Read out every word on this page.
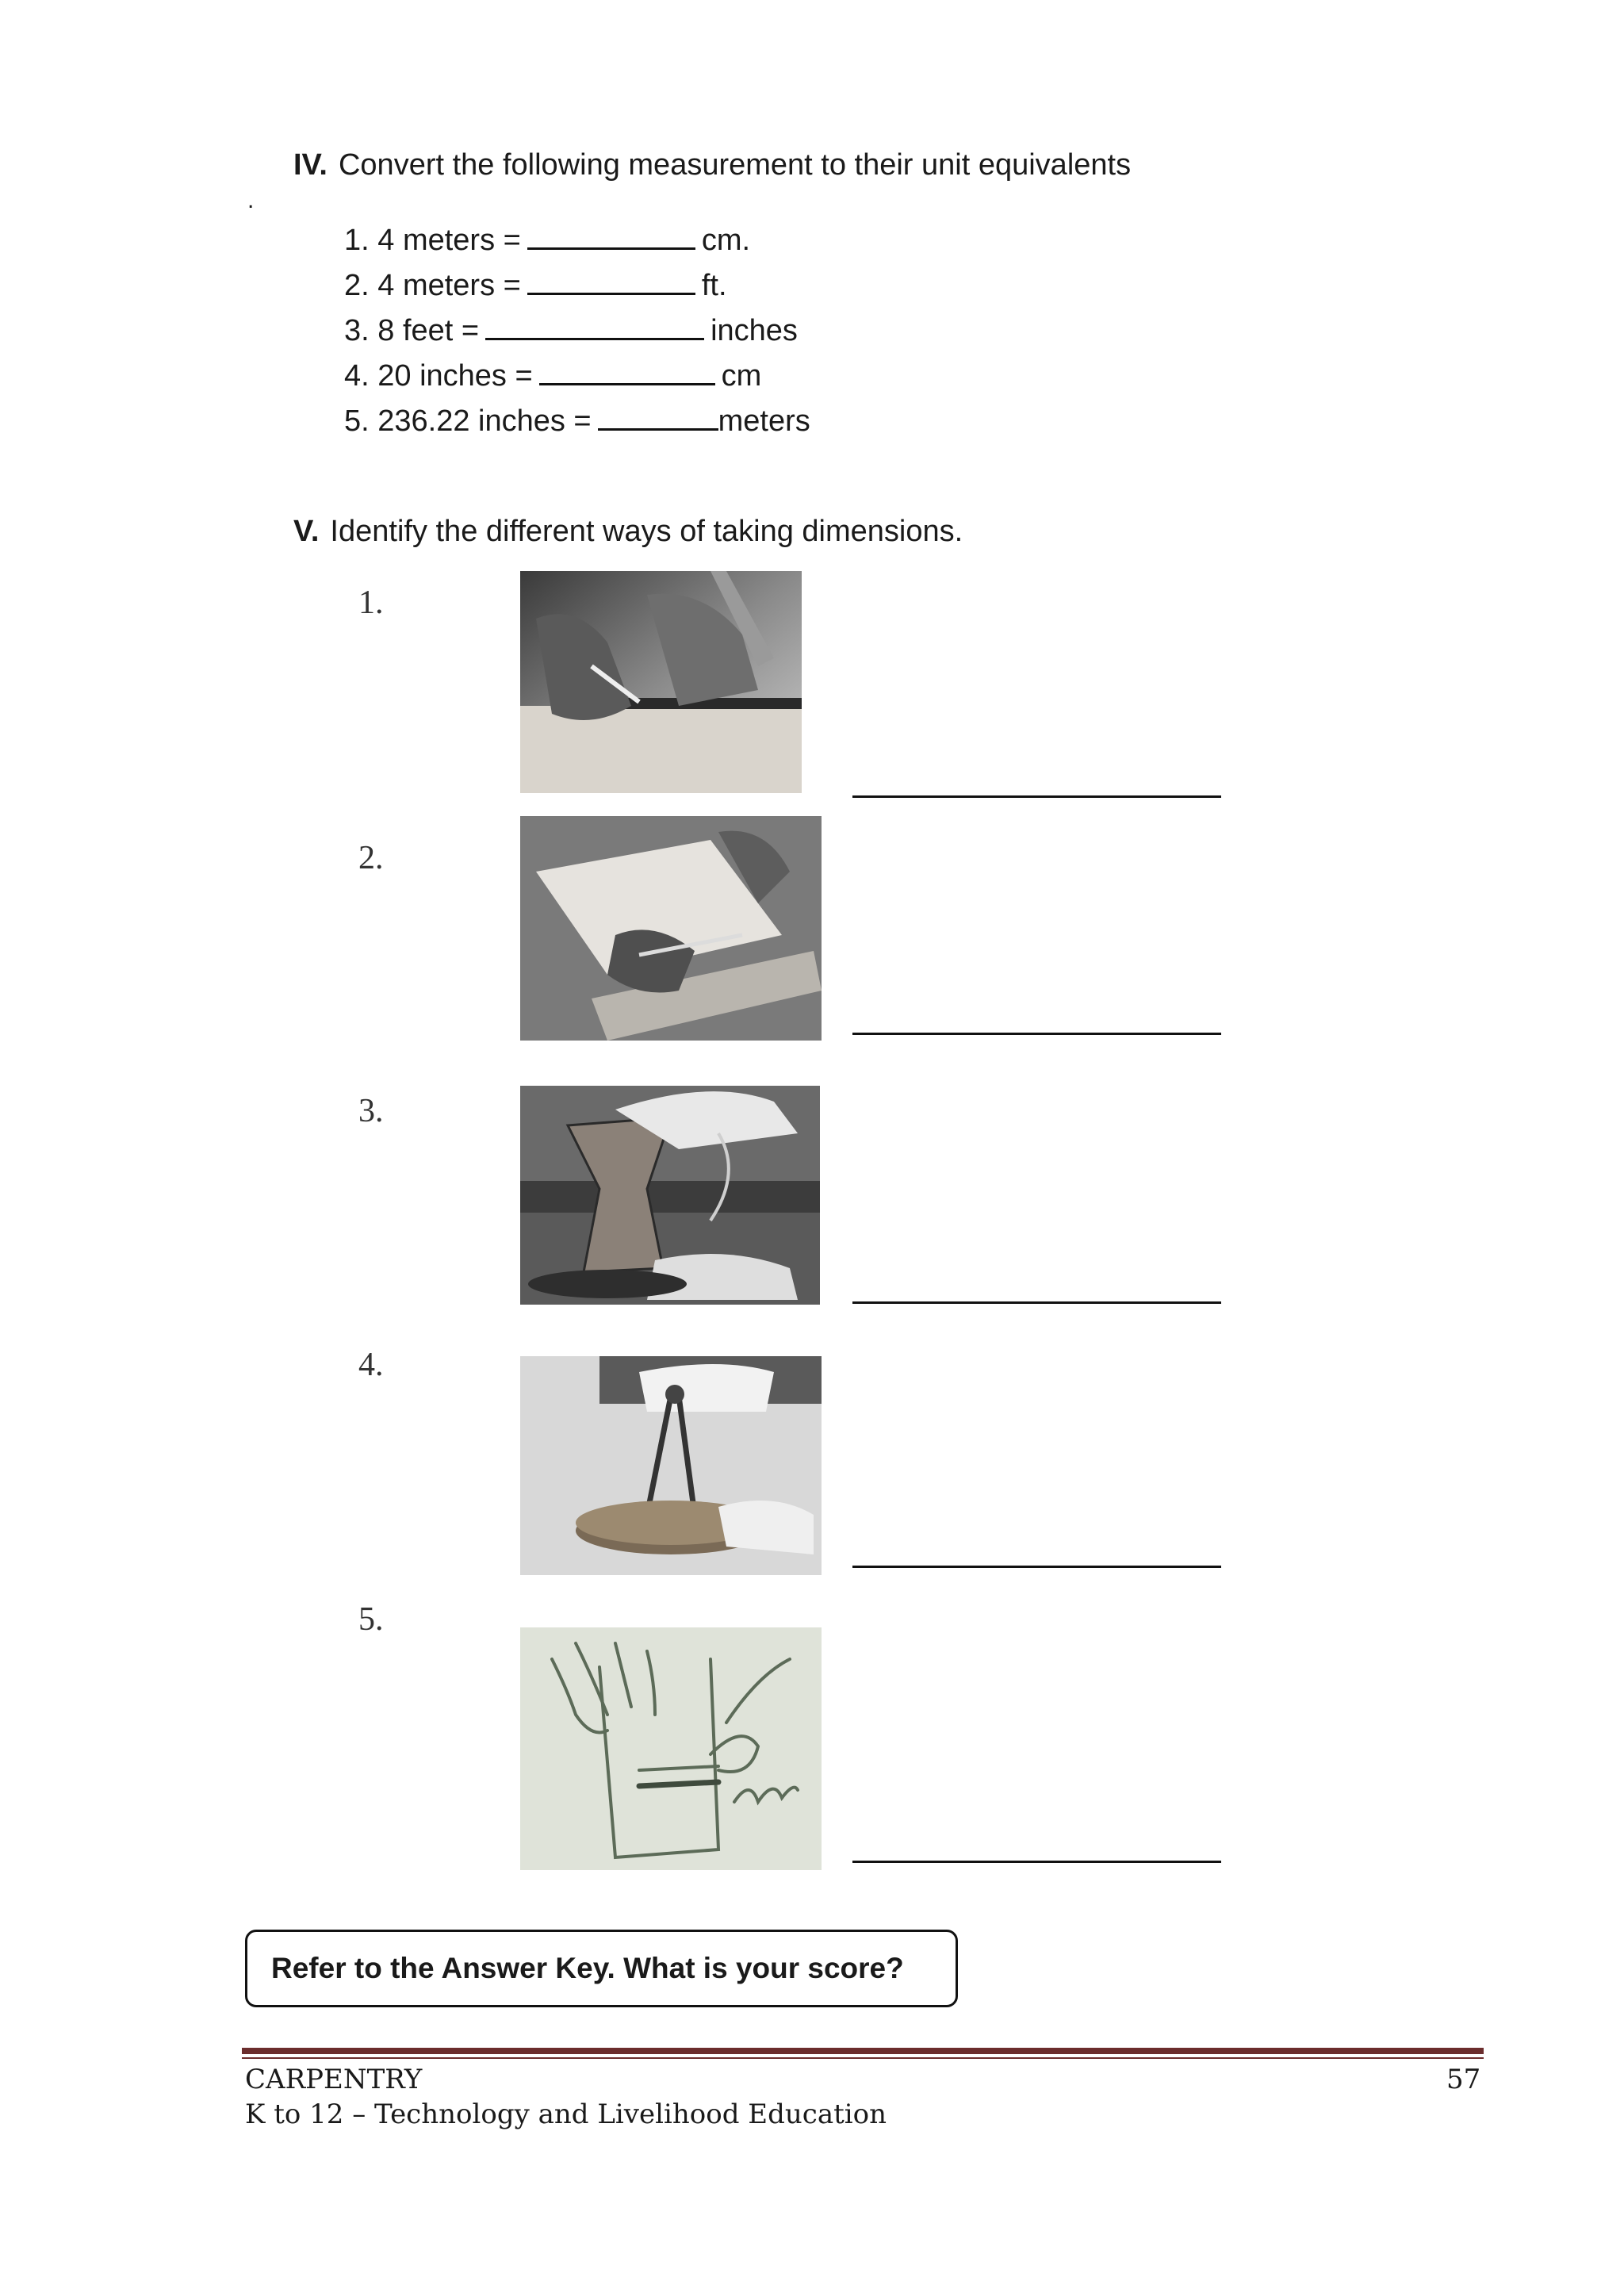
IV. Convert the following measurement to their unit equivalents
.
1. 4 meters =	cm.
2. 4 meters =	ft.
3. 8 feet =	inches
4. 20 inches =	cm
5. 236.22 inches =	meters
V. Identify the different ways of taking dimensions.
1.
2.
3.
4.
5.
Refer to the Answer Key. What is your score?
CARPENTRY
K to 12 – Technology and Livelihood Education
57
